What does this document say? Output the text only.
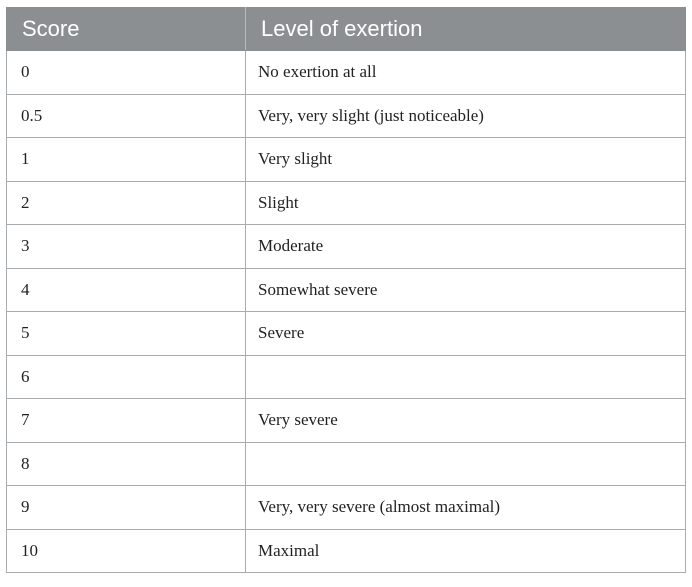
Score	Level of exertion
0	No exertion at all
0.5	Very, very slight (just noticeable)
1	Very slight
2	Slight
3	Moderate
4	Somewhat severe
5	Severe
6	
7	Very severe
8	
9	Very, very severe (almost maximal)
10	Maximal
